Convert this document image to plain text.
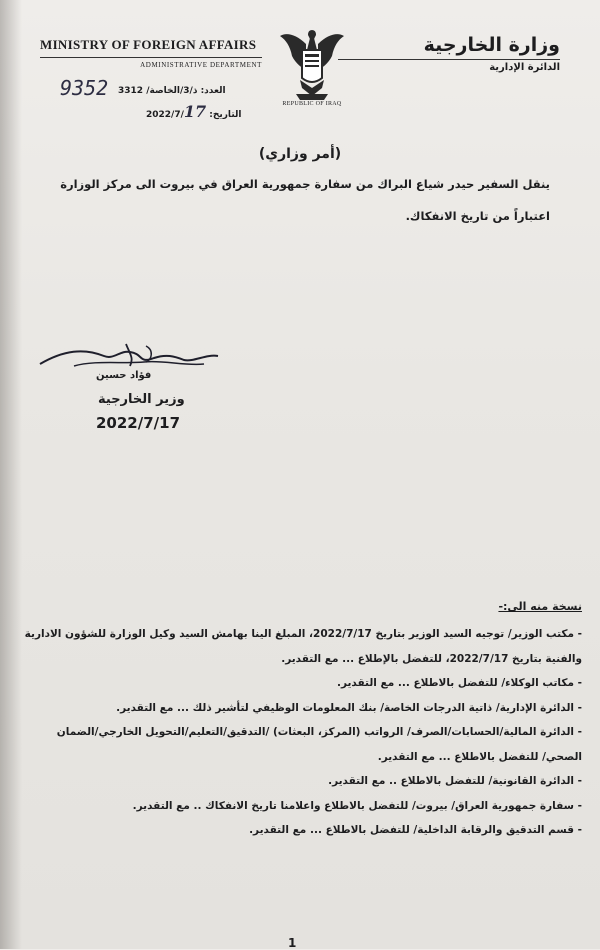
MINISTRY OF FOREIGN AFFAIRS
ADMINISTRATIVE DEPARTMENT
REPUBLIC OF IRAQ
وزارة الخارجية
الدائرة الإدارية
9352 العدد: ذ/3/الخاصة/ 3312
التاريخ: 2022/7/17
(أمر وزاري)
ينقل السفير حيدر شياع البراك من سفارة جمهورية العراق في بيروت الى مركز الوزارة
اعتباراً من تاريخ الانفكاك.
فؤاد حسين
وزير الخارجية
2022/7/17
نسخة منه الى:-
- مكتب الوزير/ توجيه السيد الوزير بتاريخ 2022/7/17، المبلغ الينا بهامش السيد وكيل الوزارة للشؤون الادارية
والفنية بتاريخ 2022/7/17، للتفضل بالإطلاع ... مع التقدير.
- مكاتب الوكلاء/ للتفضل بالاطلاع ... مع التقدير.
- الدائرة الإدارية/ ذاتية الدرجات الخاصة/ بنك المعلومات الوظيفي لتأشير ذلك ... مع التقدير.
- الدائرة المالية/الحسابات/الصرف/ الرواتب (المركز، البعثات) /التدقيق/التعليم/التحويل الخارجي/الضمان
الصحي/ للتفضل بالاطلاع ... مع التقدير.
- الدائرة القانونية/ للتفضل بالاطلاع .. مع التقدير.
- سفارة جمهورية العراق/ بيروت/ للتفضل بالاطلاع واعلامنا تاريخ الانفكاك .. مع التقدير.
- قسم التدقيق والرقابة الداخلية/ للتفضل بالاطلاع ... مع التقدير.
1
